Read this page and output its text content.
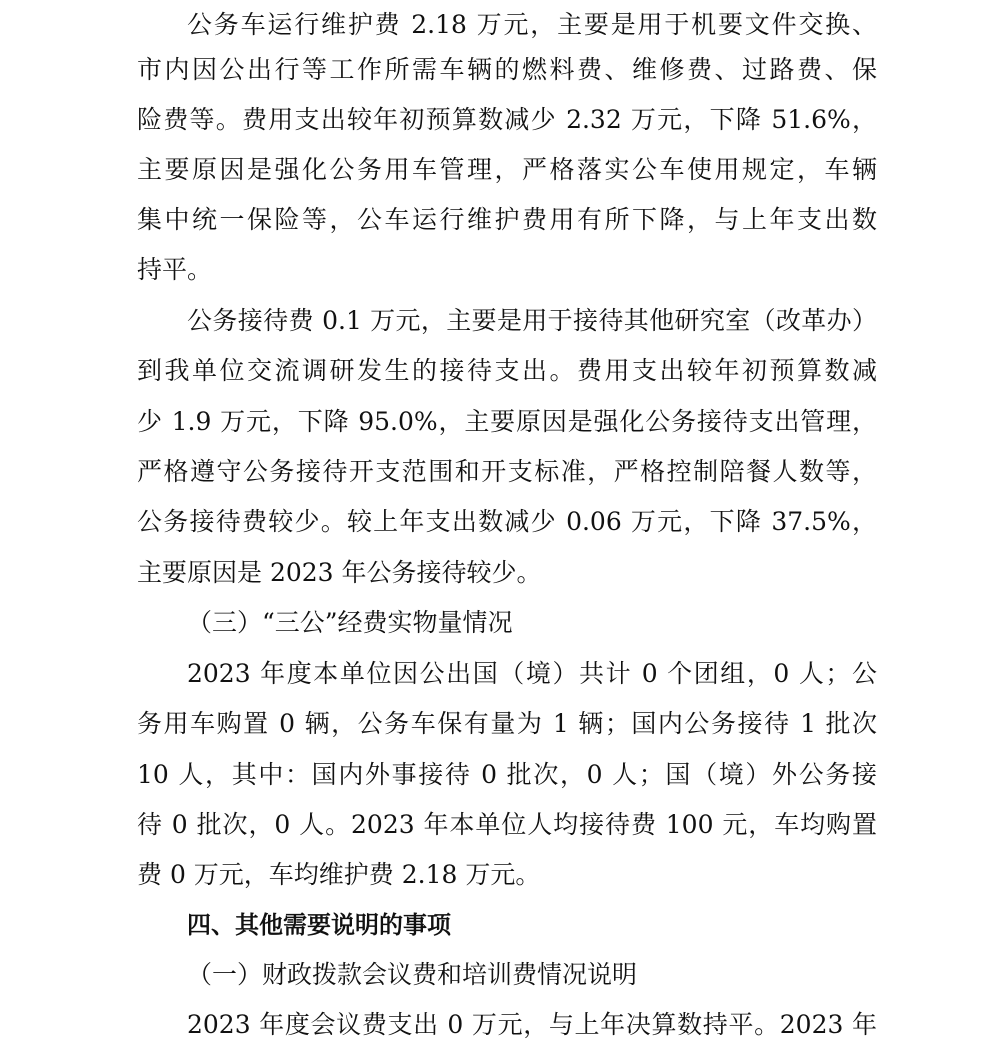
公务车运行维护费 2.18 万元，主要是用于机要文件交换、
市内因公出行等工作所需车辆的燃料费、维修费、过路费、保
险费等。费用支出较年初预算数减少 2.32 万元，下降 51.6%，
主要原因是强化公务用车管理，严格落实公车使用规定，车辆
集中统一保险等，公车运行维护费用有所下降，与上年支出数
持平。
公务接待费 0.1 万元，主要是用于接待其他研究室（改革办）
到我单位交流调研发生的接待支出。费用支出较年初预算数减
少 1.9 万元，下降 95.0%，主要原因是强化公务接待支出管理，
严格遵守公务接待开支范围和开支标准，严格控制陪餐人数等，
公务接待费较少。较上年支出数减少 0.06 万元，下降 37.5%，
主要原因是 2023 年公务接待较少。
（三）“三公”经费实物量情况
2023 年度本单位因公出国（境）共计 0 个团组，0 人；公
务用车购置 0 辆，公务车保有量为 1 辆；国内公务接待 1 批次
10 人，其中：国内外事接待 0 批次，0 人；国（境）外公务接
待 0 批次，0 人。2023 年本单位人均接待费 100 元，车均购置
费 0 万元，车均维护费 2.18 万元。
四、其他需要说明的事项
（一）财政拨款会议费和培训费情况说明
2023 年度会议费支出 0 万元，与上年决算数持平。2023 年
